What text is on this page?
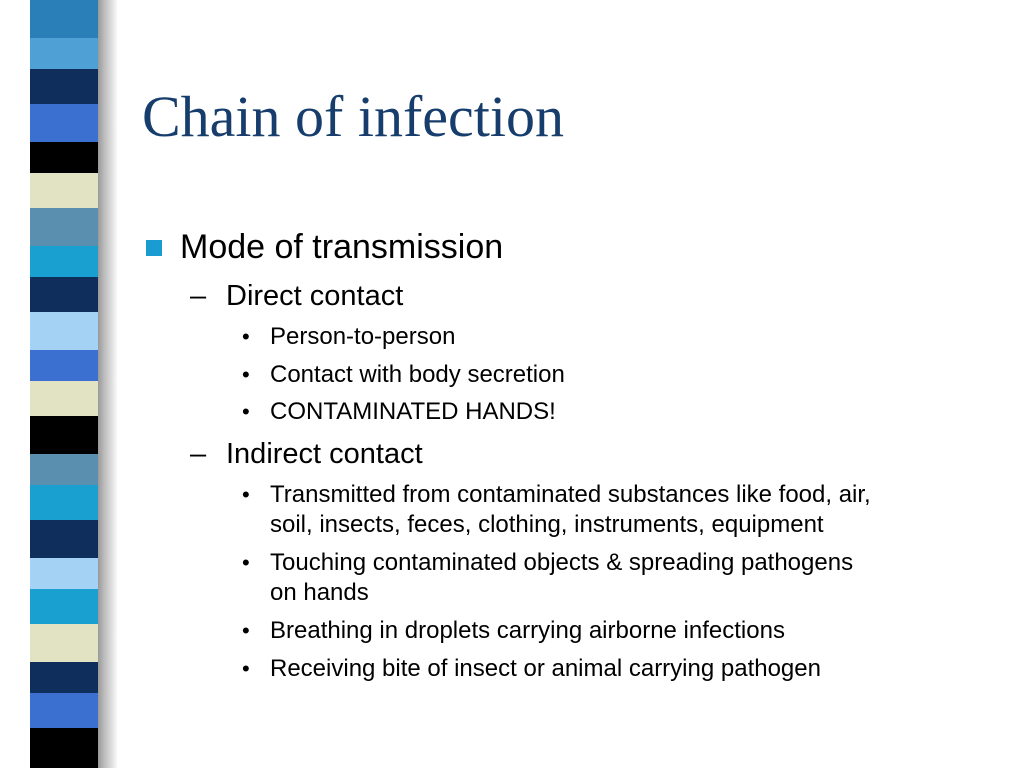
Chain of infection
Mode of transmission
– Direct contact
• Person-to-person
• Contact with body secretion
• CONTAMINATED HANDS!
– Indirect contact
• Transmitted from contaminated substances like food, air,
soil, insects, feces, clothing, instruments, equipment
• Touching contaminated objects & spreading pathogens
on hands
• Breathing in droplets carrying airborne infections
• Receiving bite of insect or animal carrying pathogen
